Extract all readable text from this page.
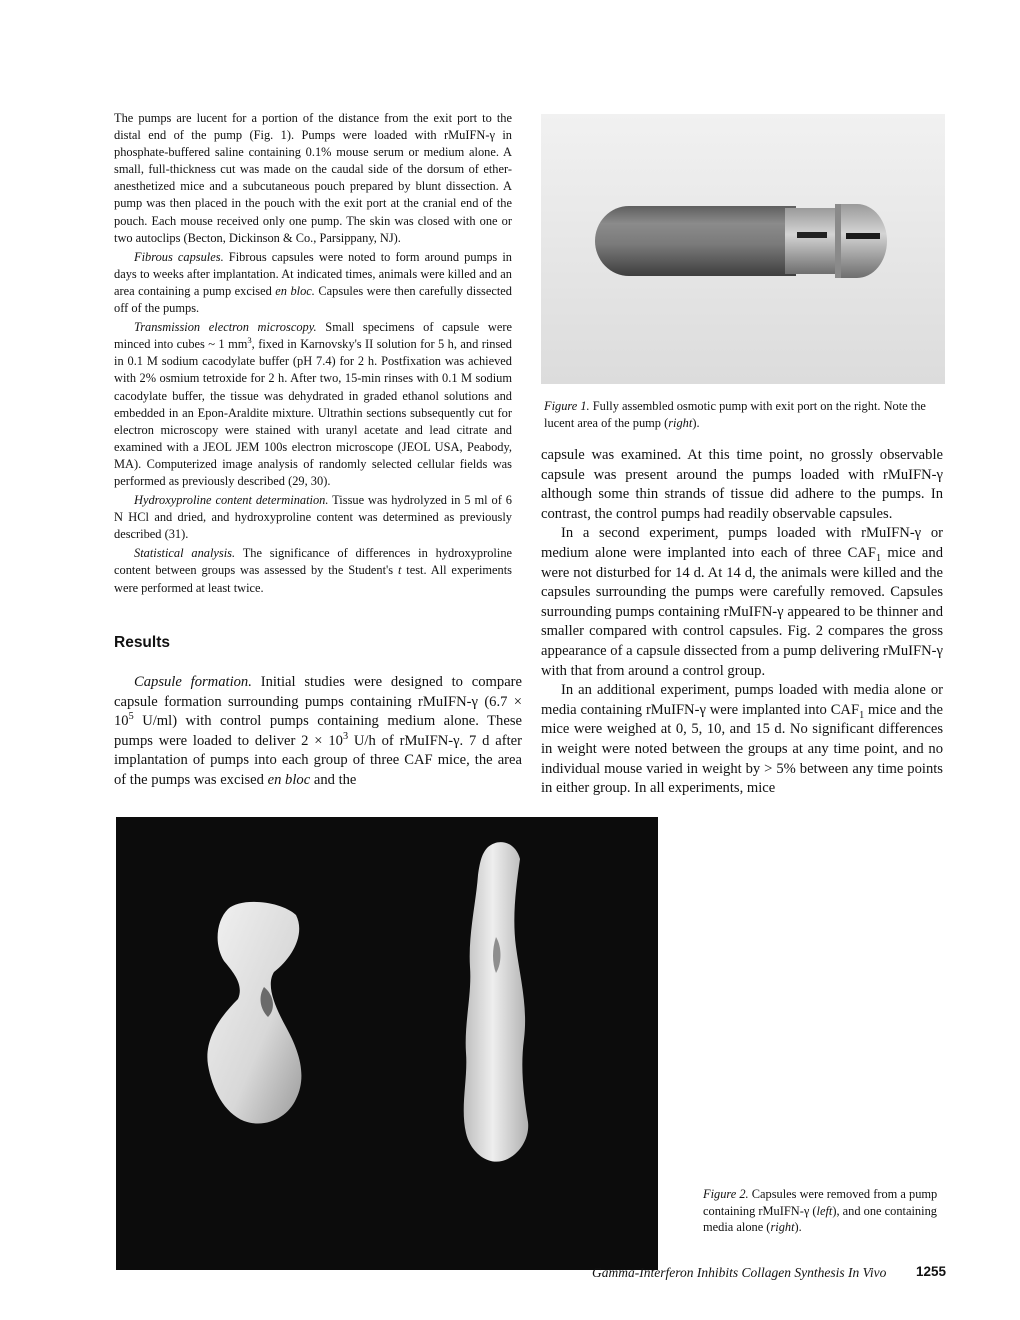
The pumps are lucent for a portion of the distance from the exit port to the distal end of the pump (Fig. 1). Pumps were loaded with rMuIFN-γ in phosphate-buffered saline containing 0.1% mouse serum or medium alone. A small, full-thickness cut was made on the caudal side of the dorsum of ether-anesthetized mice and a subcutaneous pouch prepared by blunt dissection. A pump was then placed in the pouch with the exit port at the cranial end of the pouch. Each mouse received only one pump. The skin was closed with one or two autoclips (Becton, Dickinson & Co., Parsippany, NJ).

Fibrous capsules. Fibrous capsules were noted to form around pumps in days to weeks after implantation. At indicated times, animals were killed and an area containing a pump excised en bloc. Capsules were then carefully dissected off of the pumps.

Transmission electron microscopy. Small specimens of capsule were minced into cubes ~ 1 $mm^3$, fixed in Karnovsky's II solution for 5 h, and rinsed in 0.1 M sodium cacodylate buffer (pH 7.4) for 2 h. Postfixation was achieved with 2% osmium tetroxide for 2 h. After two, 15-min rinses with 0.1 M sodium cacodylate buffer, the tissue was dehydrated in graded ethanol solutions and embedded in an Epon-Araldite mixture. Ultrathin sections subsequently cut for electron microscopy were stained with uranyl acetate and lead citrate and examined with a JEOL JEM 100s electron microscope (JEOL USA, Peabody, MA). Computerized image analysis of randomly selected cellular fields was performed as previously described (29, 30).

Hydroxyproline content determination. Tissue was hydrolyzed in 5 ml of 6 N HCl and dried, and hydroxyproline content was determined as previously described (31).

Statistical analysis. The significance of differences in hydroxyproline content between groups was assessed by the Student's t test. All experiments were performed at least twice.

Results

Capsule formation. Initial studies were designed to compare capsule formation surrounding pumps containing rMuIFN-γ ($6.7 \times 10^5$ U/ml) with control pumps containing medium alone. These pumps were loaded to deliver $2 \times 10^3$ U/h of rMuIFN-γ. 7 d after implantation of pumps into each group of three CAF mice, the area of the pumps was excised en bloc and the

capsule was examined. At this time point, no grossly observable capsule was present around the pumps loaded with rMuIFN-γ although some thin strands of tissue did adhere to the pumps. In contrast, the control pumps had readily observable capsules.

In a second experiment, pumps loaded with rMuIFN-γ or medium alone were implanted into each of three $CAF_1$ mice and were not disturbed for 14 d. At 14 d, the animals were killed and the capsules surrounding the pumps were carefully removed. Capsules surrounding pumps containing rMuIFN-γ appeared to be thinner and smaller compared with control capsules. Fig. 2 compares the gross appearance of a capsule dissected from a pump delivering rMuIFN-γ with that from around a control group.

In an additional experiment, pumps loaded with media alone or media containing rMuIFN-γ were implanted into $CAF_1$ mice and the mice were weighed at 0, 5, 10, and 15 d. No significant differences in weight were noted between the groups at any time point, and no individual mouse varied in weight by > 5% between any time points in either group. In all experiments, mice

Figure 1. Fully assembled osmotic pump with exit port on the right. Note the lucent area of the pump (right).
Figure 2. Capsules were removed from a pump containing rMuIFN-γ (left), and one containing media alone (right).
Gamma-Interferon Inhibits Collagen Synthesis In Vivo 1255
